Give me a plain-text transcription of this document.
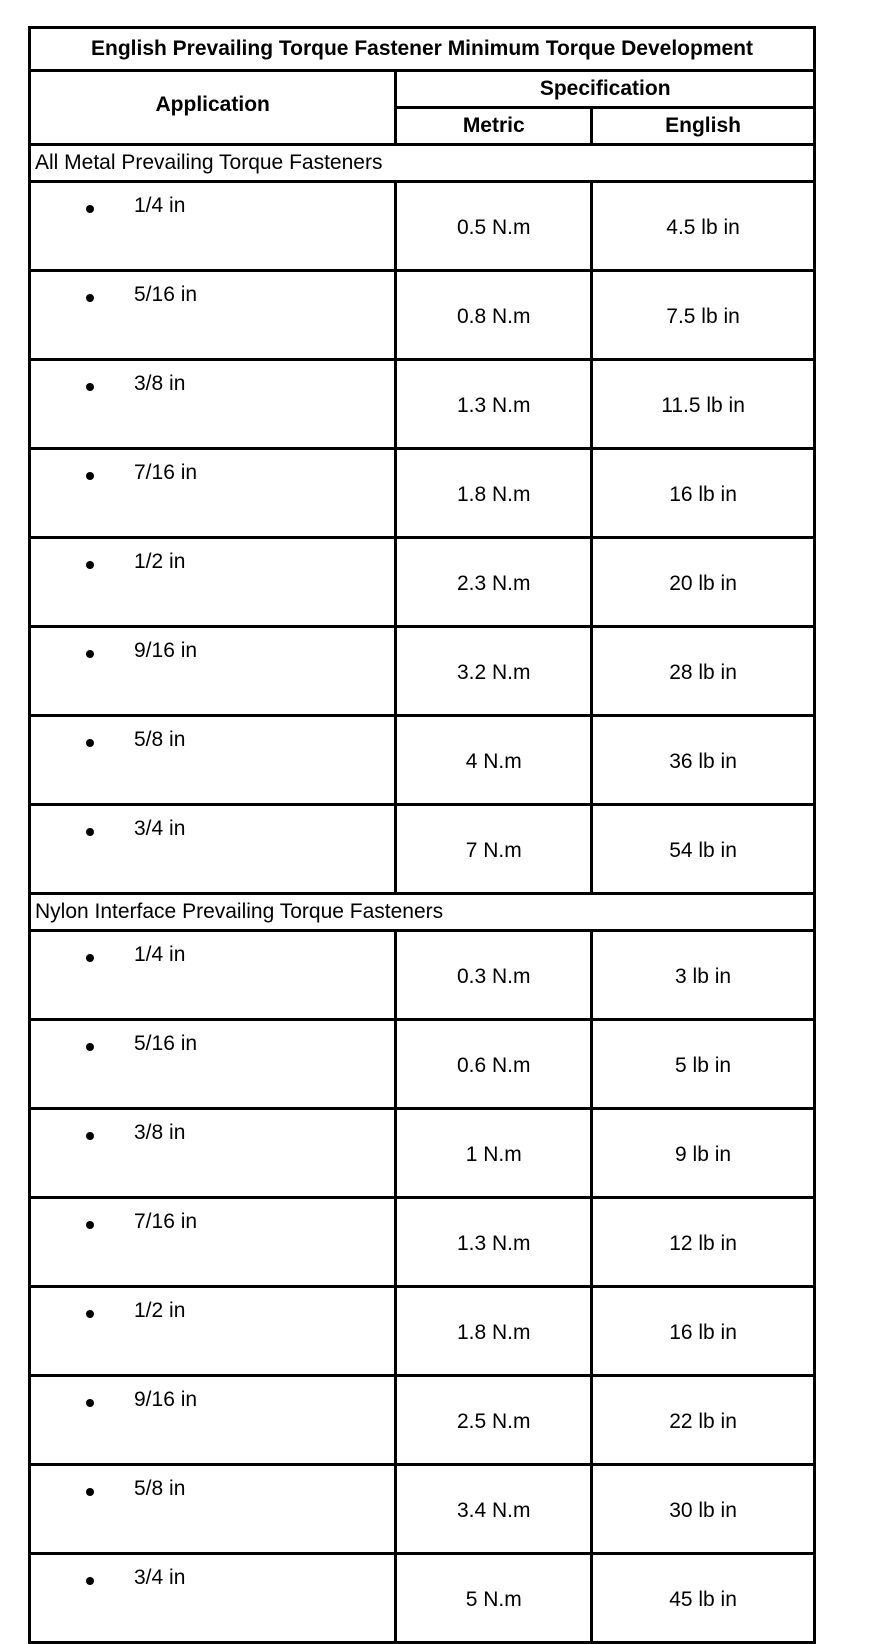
English Prevailing Torque Fastener Minimum Torque Development		
Application	Specification	
	Metric	English
All Metal Prevailing Torque Fasteners		

1/4 in	0.5 N.m	4.5 lb in

5/16 in	0.8 N.m	7.5 lb in

3/8 in	1.3 N.m	11.5 lb in

7/16 in	1.8 N.m	16 lb in

1/2 in	2.3 N.m	20 lb in

9/16 in	3.2 N.m	28 lb in

5/8 in	4 N.m	36 lb in

3/4 in	7 N.m	54 lb in
Nylon Interface Prevailing Torque Fasteners		

1/4 in	0.3 N.m	3 lb in

5/16 in	0.6 N.m	5 lb in

3/8 in	1 N.m	9 lb in

7/16 in	1.3 N.m	12 lb in

1/2 in	1.8 N.m	16 lb in

9/16 in	2.5 N.m	22 lb in

5/8 in	3.4 N.m	30 lb in

3/4 in	5 N.m	45 lb in
